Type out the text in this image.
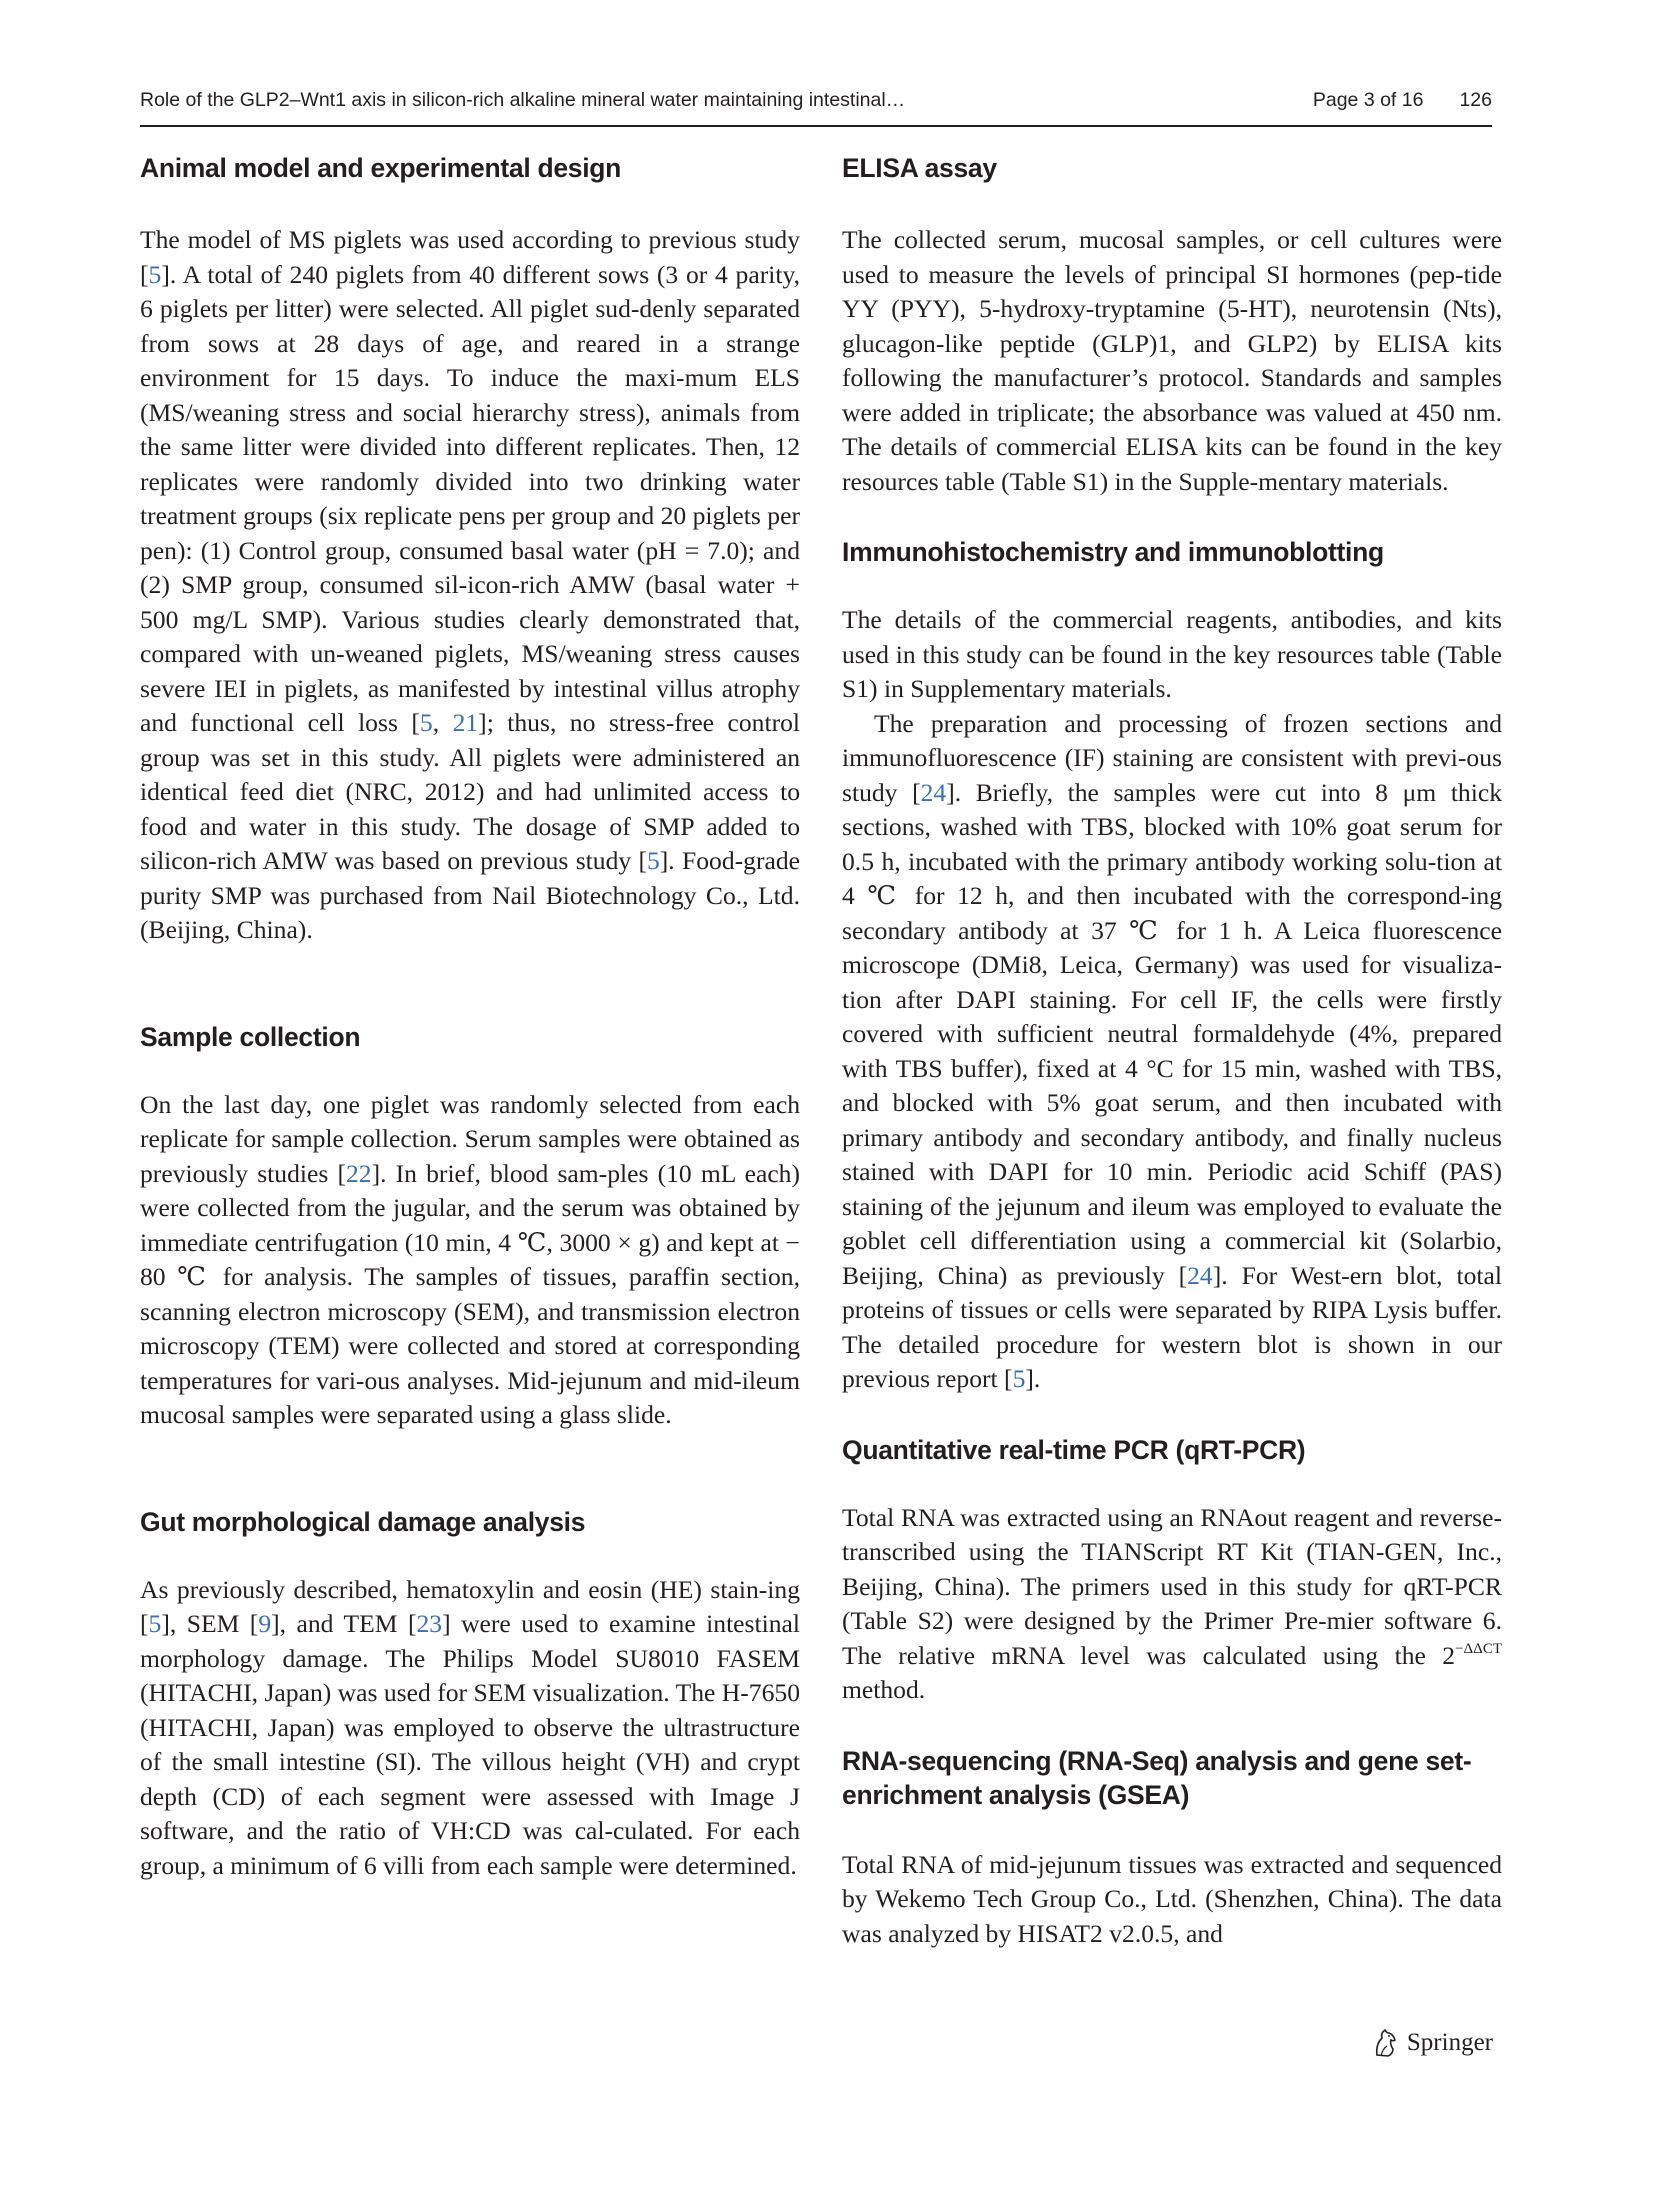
Role of the GLP2–Wnt1 axis in silicon-rich alkaline mineral water maintaining intestinal…	Page 3 of 16 126
Animal model and experimental design

The model of MS piglets was used according to previous study [5]. A total of 240 piglets from 40 different sows (3 or 4 parity, 6 piglets per litter) were selected. All piglet sud-denly separated from sows at 28 days of age, and reared in a strange environment for 15 days. To induce the maxi-mum ELS (MS/weaning stress and social hierarchy stress), animals from the same litter were divided into different replicates. Then, 12 replicates were randomly divided into two drinking water treatment groups (six replicate pens per group and 20 piglets per pen): (1) Control group, consumed basal water (pH = 7.0); and (2) SMP group, consumed sil-icon-rich AMW (basal water + 500 mg/L SMP). Various studies clearly demonstrated that, compared with un-weaned piglets, MS/weaning stress causes severe IEI in piglets, as manifested by intestinal villus atrophy and functional cell loss [5, 21]; thus, no stress-free control group was set in this study. All piglets were administered an identical feed diet (NRC, 2012) and had unlimited access to food and water in this study. The dosage of SMP added to silicon-rich AMW was based on previous study [5]. Food-grade purity SMP was purchased from Nail Biotechnology Co., Ltd. (Beijing, China).

Sample collection

On the last day, one piglet was randomly selected from each replicate for sample collection. Serum samples were obtained as previously studies [22]. In brief, blood sam-ples (10 mL each) were collected from the jugular, and the serum was obtained by immediate centrifugation (10 min, 4 ℃, 3000 × g) and kept at − 80 ℃ for analysis. The samples of tissues, paraffin section, scanning electron microscopy (SEM), and transmission electron microscopy (TEM) were collected and stored at corresponding temperatures for vari-ous analyses. Mid-jejunum and mid-ileum mucosal samples were separated using a glass slide.

Gut morphological damage analysis

As previously described, hematoxylin and eosin (HE) stain-ing [5], SEM [9], and TEM [23] were used to examine intestinal morphology damage. The Philips Model SU8010 FASEM (HITACHI, Japan) was used for SEM visualization. The H-7650 (HITACHI, Japan) was employed to observe the ultrastructure of the small intestine (SI). The villous height (VH) and crypt depth (CD) of each segment were assessed with Image J software, and the ratio of VH:CD was cal-culated. For each group, a minimum of 6 villi from each sample were determined.

ELISA assay

The collected serum, mucosal samples, or cell cultures were used to measure the levels of principal SI hormones (pep-tide YY (PYY), 5-hydroxy-tryptamine (5-HT), neurotensin (Nts), glucagon-like peptide (GLP)1, and GLP2) by ELISA kits following the manufacturer’s protocol. Standards and samples were added in triplicate; the absorbance was valued at 450 nm. The details of commercial ELISA kits can be found in the key resources table (Table S1) in the Supple-mentary materials.

Immunohistochemistry and immunoblotting

The details of the commercial reagents, antibodies, and kits used in this study can be found in the key resources table (Table S1) in Supplementary materials.

The preparation and processing of frozen sections and immunofluorescence (IF) staining are consistent with previ-ous study [24]. Briefly, the samples were cut into 8 μm thick sections, washed with TBS, blocked with 10% goat serum for 0.5 h, incubated with the primary antibody working solu-tion at 4 ℃ for 12 h, and then incubated with the correspond-ing secondary antibody at 37 ℃ for 1 h. A Leica fluorescence microscope (DMi8, Leica, Germany) was used for visualiza-tion after DAPI staining. For cell IF, the cells were firstly covered with sufficient neutral formaldehyde (4%, prepared with TBS buffer), fixed at 4 °C for 15 min, washed with TBS, and blocked with 5% goat serum, and then incubated with primary antibody and secondary antibody, and finally nucleus stained with DAPI for 10 min. Periodic acid Schiff (PAS) staining of the jejunum and ileum was employed to evaluate the goblet cell differentiation using a commercial kit (Solarbio, Beijing, China) as previously [24]. For West-ern blot, total proteins of tissues or cells were separated by RIPA Lysis buffer. The detailed procedure for western blot is shown in our previous report [5].

Quantitative real-time PCR (qRT-PCR)

Total RNA was extracted using an RNAout reagent and reverse-transcribed using the TIANScript RT Kit (TIAN-GEN, Inc., Beijing, China). The primers used in this study for qRT-PCR (Table S2) were designed by the Primer Pre-mier software 6. The relative mRNA level was calculated using the $2^{-\Delta\Delta CT}$ method.

RNA-sequencing (RNA-Seq) analysis and gene set-enrichment analysis (GSEA)

Total RNA of mid-jejunum tissues was extracted and sequenced by Wekemo Tech Group Co., Ltd. (Shenzhen, China). The data was analyzed by HISAT2 v2.0.5, and

Springer
